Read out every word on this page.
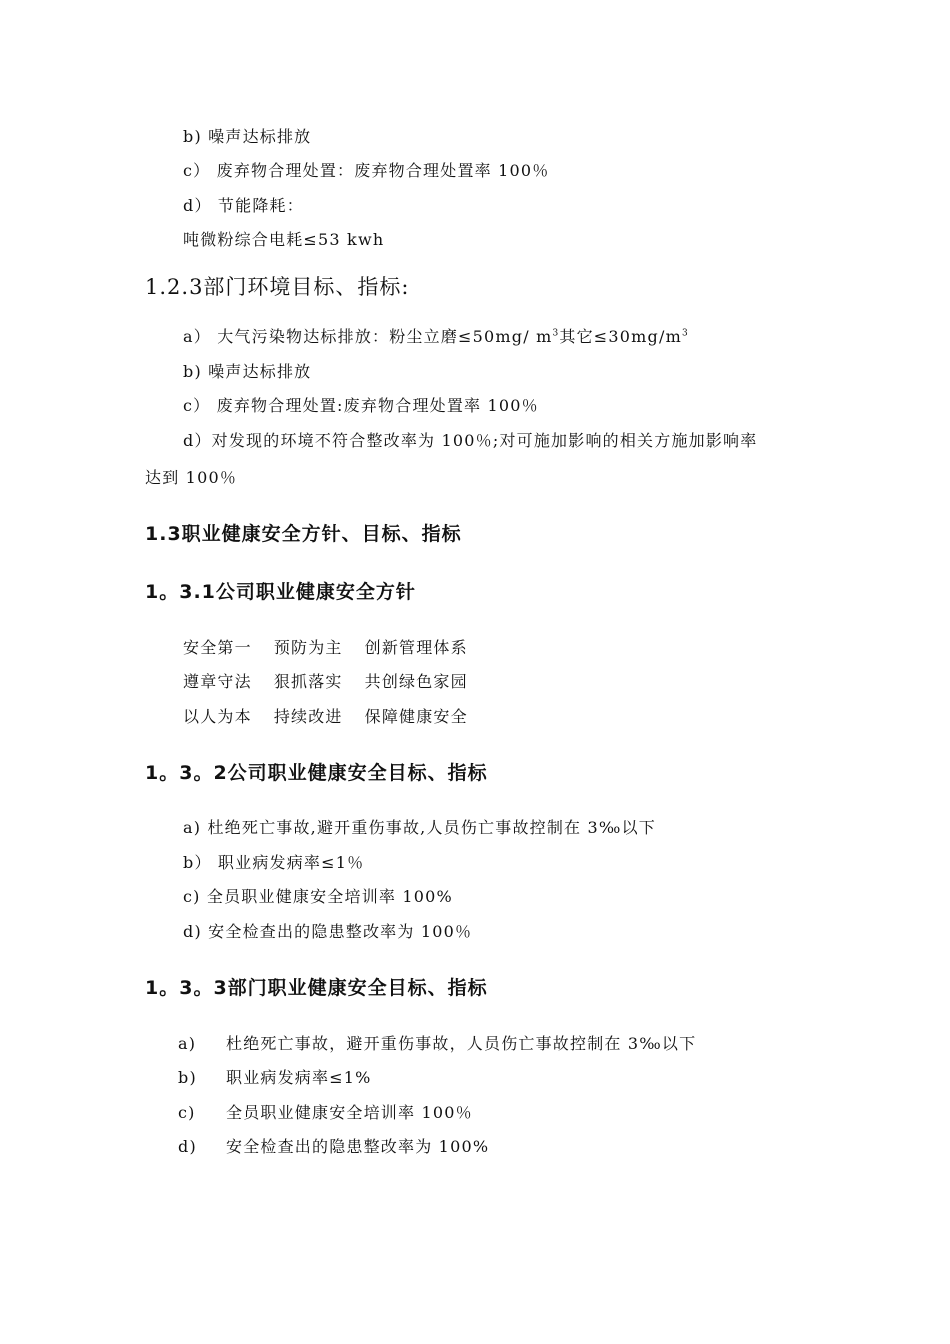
b) 噪声达标排放
c） 废弃物合理处置：废弃物合理处置率 100％
d） 节能降耗：
吨微粉综合电耗≤53 kwh
1.2.3部门环境目标、指标:
a） 大气污染物达标排放：粉尘立磨≤50mg/ $m^3$其它$\le 30mg/m^3$
b) 噪声达标排放
c） 废弃物合理处置:废弃物合理处置率 100％
d）对发现的环境不符合整改率为 100％;对可施加影响的相关方施加影响率
达到 100％
1.3职业健康安全方针、目标、指标
1。3.1公司职业健康安全方针
安全第一 预防为主 创新管理体系
遵章守法 狠抓落实 共创绿色家园
以人为本 持续改进 保障健康安全
1。3。2公司职业健康安全目标、指标
a) 杜绝死亡事故,避开重伤事故,人员伤亡事故控制在 3‰以下
b） 职业病发病率≤1％
c) 全员职业健康安全培训率 100%
d) 安全检查出的隐患整改率为 100％
1。3。3部门职业健康安全目标、指标
a) 杜绝死亡事故，避开重伤事故，人员伤亡事故控制在 3‰以下
b) 职业病发病率≤1%
c) 全员职业健康安全培训率 100％
d) 安全检查出的隐患整改率为 100%
